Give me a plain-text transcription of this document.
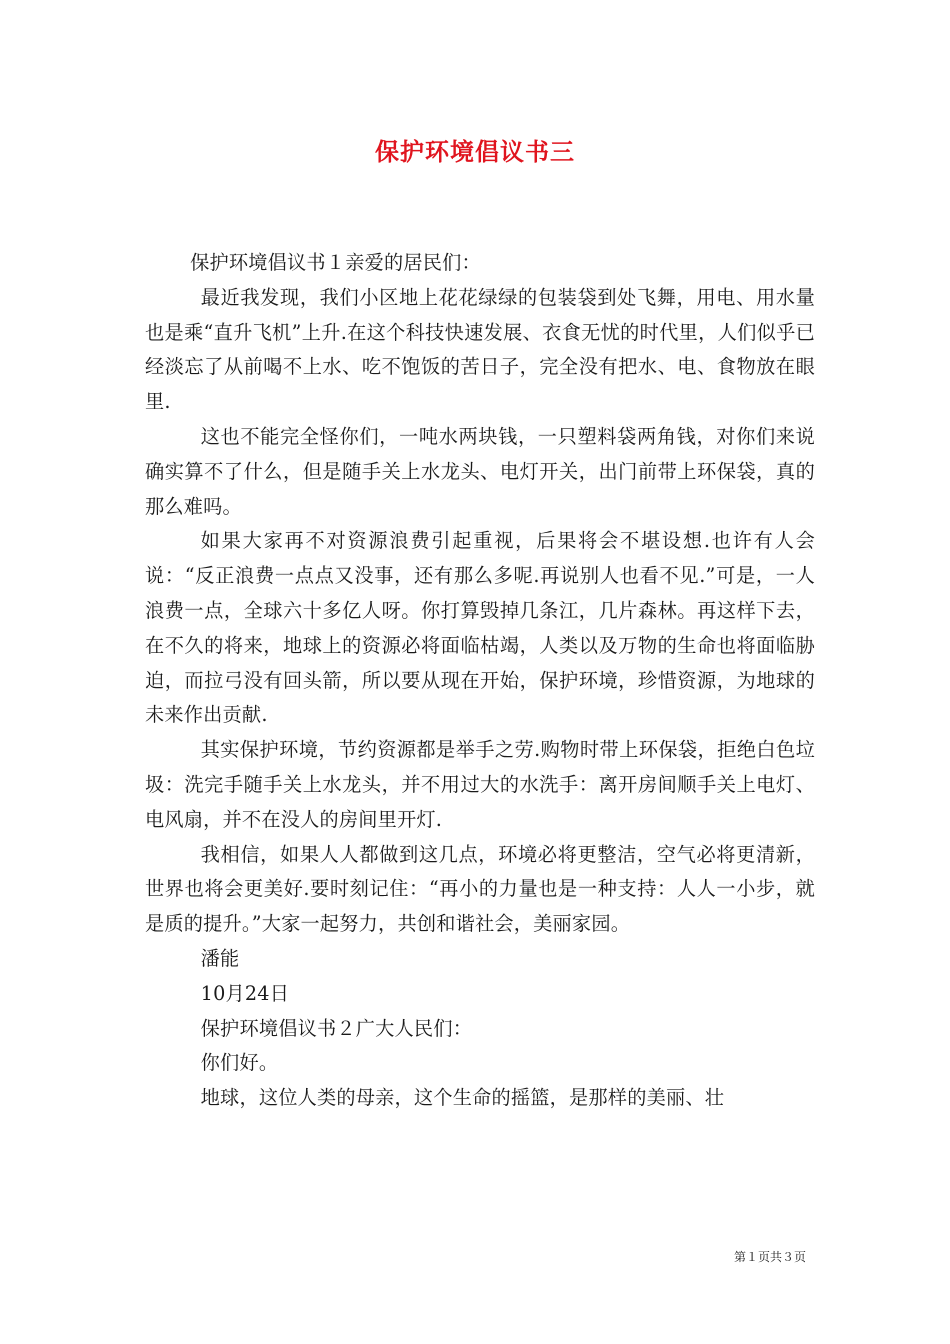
保护环境倡议书三

保护环境倡议书１亲爱的居民们：

最近我发现，我们小区地上花花绿绿的包装袋到处飞舞，用电、用水量也是乘“直升飞机”上升.在这个科技快速发展、衣食无忧的时代里，人们似乎已经淡忘了从前喝不上水、吃不饱饭的苦日子，完全没有把水、电、食物放在眼里.

这也不能完全怪你们，一吨水两块钱，一只塑料袋两角钱，对你们来说确实算不了什么，但是随手关上水龙头、电灯开关，出门前带上环保袋，真的那么难吗。

如果大家再不对资源浪费引起重视，后果将会不堪设想.也许有人会说：“反正浪费一点点又没事，还有那么多呢.再说别人也看不见.”可是，一人浪费一点，全球六十多亿人呀。你打算毁掉几条江，几片森林。再这样下去，在不久的将来，地球上的资源必将面临枯竭，人类以及万物的生命也将面临胁迫，而拉弓没有回头箭，所以要从现在开始，保护环境，珍惜资源，为地球的未来作出贡献.

其实保护环境，节约资源都是举手之劳.购物时带上环保袋，拒绝白色垃圾：洗完手随手关上水龙头，并不用过大的水洗手：离开房间顺手关上电灯、电风扇，并不在没人的房间里开灯.

我相信，如果人人都做到这几点，环境必将更整洁，空气必将更清新，世界也将会更美好.要时刻记住：“再小的力量也是一种支持：人人一小步，就是质的提升。”大家一起努力，共创和谐社会，美丽家园。

潘能

10月24日

保护环境倡议书２广大人民们：

你们好。

地球，这位人类的母亲，这个生命的摇篮，是那样的美丽、壮

第１页共３页
